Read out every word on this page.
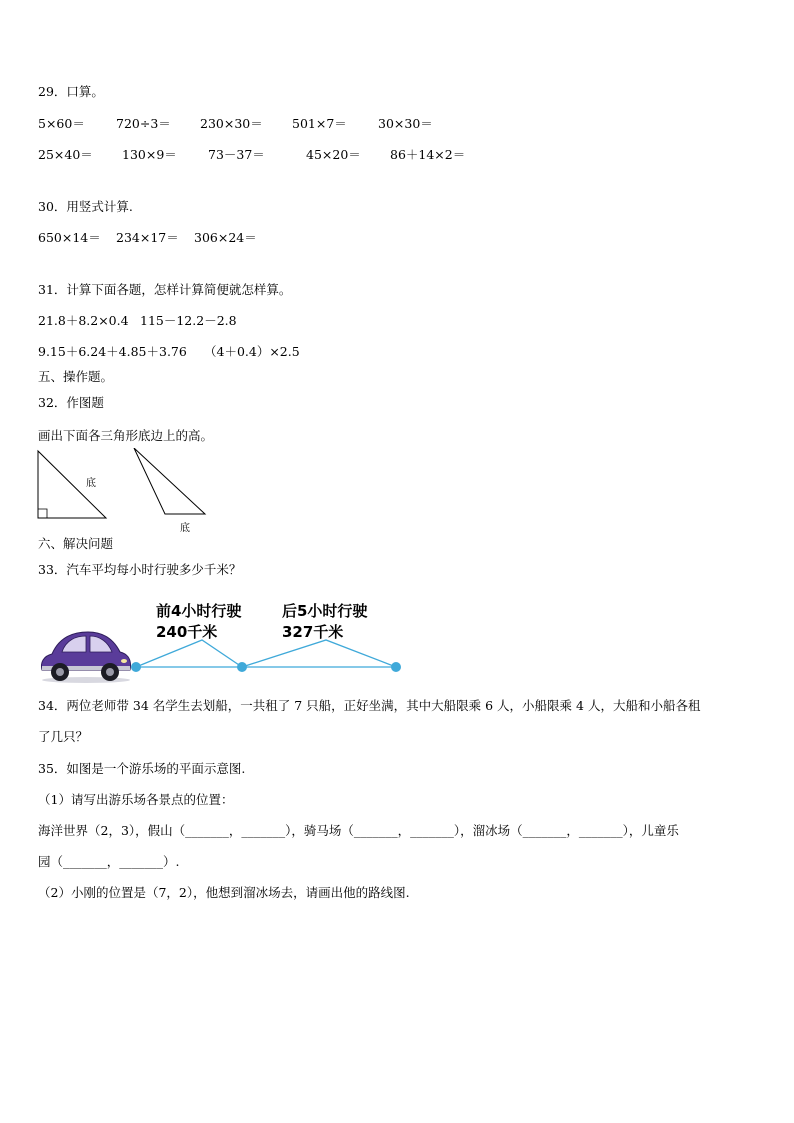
29．口算。
5×60＝ 720÷3＝ 230×30＝ 501×7＝ 30×30＝
25×40＝ 130×9＝ 73－37＝	45×20＝ 86＋14×2＝
30．用竖式计算.
650×14＝ 234×17＝ 306×24＝
31．计算下面各题，怎样计算简便就怎样算。
21.8＋8.2×0.4 115－12.2－2.8
9.15＋6.24＋4.85＋3.76 （4＋0.4）×2.5
五、操作题。
32．作图题
画出下面各三角形底边上的高。
底
底
六、解决问题
33．汽车平均每小时行驶多少千米？
前4小时行驶
240千米
后5小时行驶
327千米
34．两位老师带 34 名学生去划船，一共租了 7 只船，正好坐满，其中大船限乘 6 人，小船限乘 4 人，大船和小船各租
了几只？
35．如图是一个游乐场的平面示意图.
（1）请写出游乐场各景点的位置：
海洋世界（2，3），假山（_______，_______），骑马场（_______，_______），溜冰场（_______，_______），儿童乐
园（_______，_______）.
（2）小刚的位置是（7，2），他想到溜冰场去，请画出他的路线图.
